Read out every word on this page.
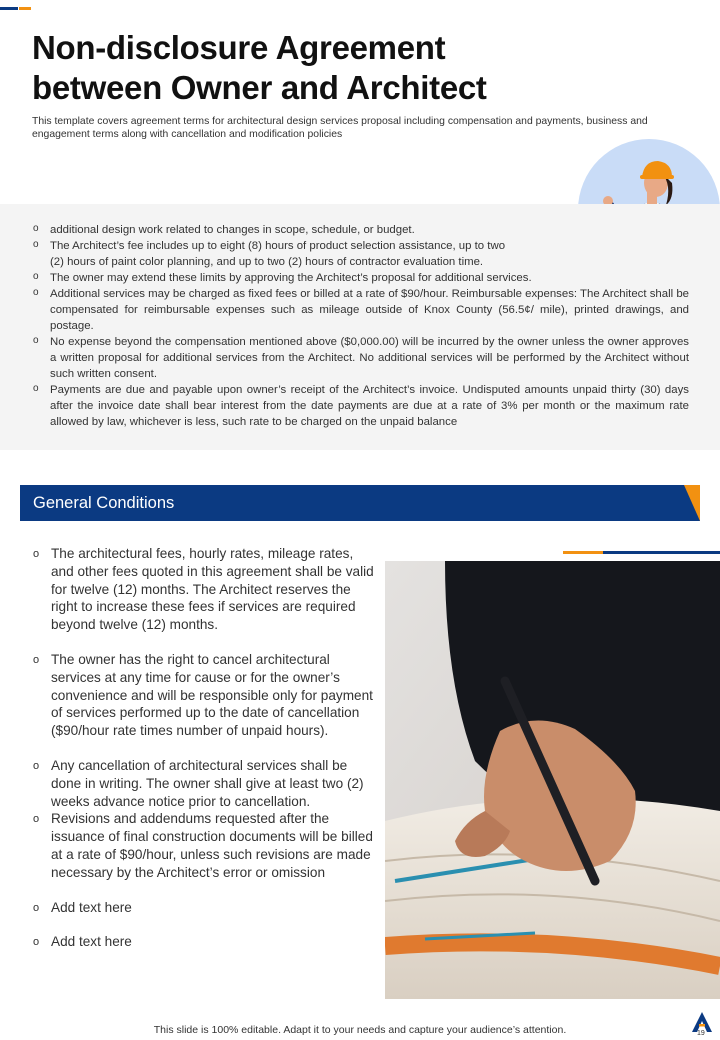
Non-disclosure Agreement
between Owner and Architect

This template covers agreement terms for architectural design services proposal including compensation and payments, business and engagement terms along with cancellation and modification policies

o additional design work related to changes in scope, schedule, or budget.
o The Architect’s fee includes up to eight (8) hours of product selection assistance, up to two
(2) hours of paint color planning, and up to two (2) hours of contractor evaluation time.
o The owner may extend these limits by approving the Architect’s proposal for additional services.
o Additional services may be charged as fixed fees or billed at a rate of $90/hour. Reimbursable expenses: The Architect shall be compensated for reimbursable expenses such as mileage outside of Knox County (56.5¢/ mile), printed drawings, and postage.
o No expense beyond the compensation mentioned above ($0,000.00) will be incurred by the owner unless the owner approves a written proposal for additional services from the Architect. No additional services will be performed by the Architect without such written consent.
o Payments are due and payable upon owner’s receipt of the Architect’s invoice. Undisputed amounts unpaid thirty (30) days after the invoice date shall bear interest from the date payments are due at a rate of 3% per month or the maximum rate allowed by law, whichever is less, such rate to be charged on the unpaid balance
General Conditions
o The architectural fees, hourly rates, mileage rates, and other fees quoted in this agreement shall be valid for twelve (12) months. The Architect reserves the right to increase these fees if services are required beyond twelve (12) months.
o The owner has the right to cancel architectural services at any time for cause or for the owner’s convenience and will be responsible only for payment of services performed up to the date of cancellation ($90/hour rate times number of unpaid hours).
o Any cancellation of architectural services shall be done in writing. The owner shall give at least two (2) weeks advance notice prior to cancellation.
o Revisions and addendums requested after the issuance of final construction documents will be billed at a rate of $90/hour, unless such revisions are made necessary by the Architect’s error or omission
o Add text here
o Add text here
This slide is 100% editable. Adapt it to your needs and capture your audience’s attention.	19
